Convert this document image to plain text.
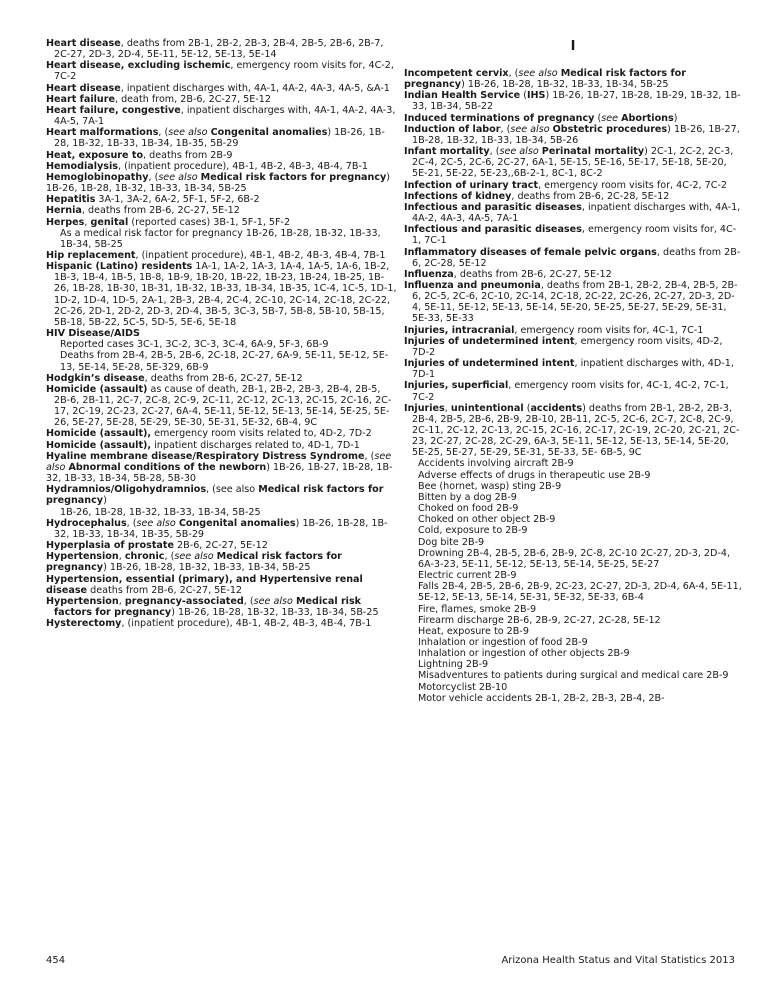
Heart disease, deaths from 2B-1, 2B-2, 2B-3, 2B-4, 2B-5, 2B-6, 2B-7, 2C-27, 2D-3, 2D-4, 5E-11, 5E-12, 5E-13, 5E-14
Heart disease, excluding ischemic, emergency room visits for, 4C-2, 7C-2
Heart disease, inpatient discharges with, 4A-1, 4A-2, 4A-3, 4A-5, &A-1
Heart failure, death from, 2B-6, 2C-27, 5E-12
Heart failure, congestive, inpatient discharges with, 4A-1, 4A-2, 4A-3, 4A-5, 7A-1
Heart malformations, (see also Congenital anomalies) 1B-26, 1B-28, 1B-32, 1B-33, 1B-34, 1B-35, 5B-29
Heat, exposure to, deaths from 2B-9
Hemodialysis, (inpatient procedure), 4B-1, 4B-2, 4B-3, 4B-4, 7B-1
Hemoglobinopathy, (see also Medical risk factors for pregnancy) 1B-26, 1B-28, 1B-32, 1B-33, 1B-34, 5B-25
Hepatitis 3A-1, 3A-2, 6A-2, 5F-1, 5F-2, 6B-2
Hernia, deaths from 2B-6, 2C-27, 5E-12
Herpes, genital (reported cases) 3B-1, 5F-1, 5F-2
As a medical risk factor for pregnancy 1B-26, 1B-28, 1B-32, 1B-33, 1B-34, 5B-25
Hip replacement, (inpatient procedure), 4B-1, 4B-2, 4B-3, 4B-4, 7B-1
Hispanic (Latino) residents 1A-1, 1A-2, 1A-3, 1A-4, 1A-5, 1A-6, 1B-2, 1B-3, 1B-4, 1B-5, 1B-8, 1B-9, 1B-20, 1B-22, 1B-23, 1B-24, 1B-25, 1B-26, 1B-28, 1B-30, 1B-31, 1B-32, 1B-33, 1B-34, 1B-35, 1C-4, 1C-5, 1D-1, 1D-2, 1D-4, 1D-5, 2A-1, 2B-3, 2B-4, 2C-4, 2C-10, 2C-14, 2C-18, 2C-22, 2C-26, 2D-1, 2D-2, 2D-3, 2D-4, 3B-5, 3C-3, 5B-7, 5B-8, 5B-10, 5B-15, 5B-18, 5B-22, 5C-5, 5D-5, 5E-6, 5E-18
HIV Disease/AIDS
Reported cases 3C-1, 3C-2, 3C-3, 3C-4, 6A-9, 5F-3, 6B-9
Deaths from 2B-4, 2B-5, 2B-6, 2C-18, 2C-27, 6A-9, 5E-11, 5E-12, 5E-13, 5E-14, 5E-28, 5E-329, 6B-9
Hodgkin’s disease, deaths from 2B-6, 2C-27, 5E-12
Homicide (assault) as cause of death, 2B-1, 2B-2, 2B-3, 2B-4, 2B-5, 2B-6, 2B-11, 2C-7, 2C-8, 2C-9, 2C-11, 2C-12, 2C-13, 2C-15, 2C-16, 2C-17, 2C-19, 2C-23, 2C-27, 6A-4, 5E-11, 5E-12, 5E-13, 5E-14, 5E-25, 5E-26, 5E-27, 5E-28, 5E-29, 5E-30, 5E-31, 5E-32, 6B-4, 9C
Homicide (assault), emergency room visits related to, 4D-2, 7D-2
Homicide (assault), inpatient discharges related to, 4D-1, 7D-1
Hyaline membrane disease/Respiratory Distress Syndrome, (see also Abnormal conditions of the newborn) 1B-26, 1B-27, 1B-28, 1B-32, 1B-33, 1B-34, 5B-28, 5B-30
Hydramnios/Oligohydramnios, (see also Medical risk factors for pregnancy)
1B-26, 1B-28, 1B-32, 1B-33, 1B-34, 5B-25
Hydrocephalus, (see also Congenital anomalies) 1B-26, 1B-28, 1B-32, 1B-33, 1B-34, 1B-35, 5B-29
Hyperplasia of prostate 2B-6, 2C-27, 5E-12
Hypertension, chronic, (see also Medical risk factors for pregnancy) 1B-26, 1B-28, 1B-32, 1B-33, 1B-34, 5B-25
Hypertension, essential (primary), and Hypertensive renal disease deaths from 2B-6, 2C-27, 5E-12
Hypertension, pregnancy-associated, (see also Medical risk factors for pregnancy) 1B-26, 1B-28, 1B-32, 1B-33, 1B-34, 5B-25
Hysterectomy, (inpatient procedure), 4B-1, 4B-2, 4B-3, 4B-4, 7B-1
I
Incompetent cervix, (see also Medical risk factors for pregnancy) 1B-26, 1B-28, 1B-32, 1B-33, 1B-34, 5B-25
Indian Health Service (IHS) 1B-26, 1B-27, 1B-28, 1B-29, 1B-32, 1B-33, 1B-34, 5B-22
Induced terminations of pregnancy (see Abortions)
Induction of labor, (see also Obstetric procedures) 1B-26, 1B-27, 1B-28, 1B-32, 1B-33, 1B-34, 5B-26
Infant mortality, (see also Perinatal mortality) 2C-1, 2C-2, 2C-3, 2C-4, 2C-5, 2C-6, 2C-27, 6A-1, 5E-15, 5E-16, 5E-17, 5E-18, 5E-20, 5E-21, 5E-22, 5E-23,,6B-2-1, 8C-1, 8C-2
Infection of urinary tract, emergency room visits for, 4C-2, 7C-2
Infections of kidney, deaths from 2B-6, 2C-28, 5E-12
Infectious and parasitic diseases, inpatient discharges with, 4A-1, 4A-2, 4A-3, 4A-5, 7A-1
Infectious and parasitic diseases, emergency room visits for, 4C-1, 7C-1
Inflammatory diseases of female pelvic organs, deaths from 2B-6, 2C-28, 5E-12
Influenza, deaths from 2B-6, 2C-27, 5E-12
Influenza and pneumonia, deaths from 2B-1, 2B-2, 2B-4, 2B-5, 2B-6, 2C-5, 2C-6, 2C-10, 2C-14, 2C-18, 2C-22, 2C-26, 2C-27, 2D-3, 2D-4, 5E-11, 5E-12, 5E-13, 5E-14, 5E-20, 5E-25, 5E-27, 5E-29, 5E-31, 5E-33, 5E-33
Injuries, intracranial, emergency room visits for, 4C-1, 7C-1
Injuries of undetermined intent, emergency room visits, 4D-2, 7D-2
Injuries of undetermined intent, inpatient discharges with, 4D-1, 7D-1
Injuries, superficial, emergency room visits for, 4C-1, 4C-2, 7C-1, 7C-2
Injuries, unintentional (accidents) deaths from 2B-1, 2B-2, 2B-3, 2B-4, 2B-5, 2B-6, 2B-9, 2B-10, 2B-11, 2C-5, 2C-6, 2C-7, 2C-8, 2C-9, 2C-11, 2C-12, 2C-13, 2C-15, 2C-16, 2C-17, 2C-19, 2C-20, 2C-21, 2C-23, 2C-27, 2C-28, 2C-29, 6A-3, 5E-11, 5E-12, 5E-13, 5E-14, 5E-20, 5E-25, 5E-27, 5E-29, 5E-31, 5E-33, 5E- 6B-5, 9C
Accidents involving aircraft 2B-9
Adverse effects of drugs in therapeutic use 2B-9
Bee (hornet, wasp) sting 2B-9
Bitten by a dog 2B-9
Choked on food 2B-9
Choked on other object 2B-9
Cold, exposure to 2B-9
Dog bite 2B-9
Drowning 2B-4, 2B-5, 2B-6, 2B-9, 2C-8, 2C-10 2C-27, 2D-3, 2D-4, 6A-3-23, 5E-11, 5E-12, 5E-13, 5E-14, 5E-25, 5E-27
Electric current 2B-9
Falls 2B-4, 2B-5, 2B-6, 2B-9, 2C-23, 2C-27, 2D-3, 2D-4, 6A-4, 5E-11, 5E-12, 5E-13, 5E-14, 5E-31, 5E-32, 5E-33, 6B-4
Fire, flames, smoke 2B-9
Firearm discharge 2B-6, 2B-9, 2C-27, 2C-28, 5E-12
Heat, exposure to 2B-9
Inhalation or ingestion of food 2B-9
Inhalation or ingestion of other objects 2B-9
Lightning 2B-9
Misadventures to patients during surgical and medical care 2B-9
Motorcyclist 2B-10
Motor vehicle accidents 2B-1, 2B-2, 2B-3, 2B-4, 2B-
454	Arizona Health Status and Vital Statistics 2013
